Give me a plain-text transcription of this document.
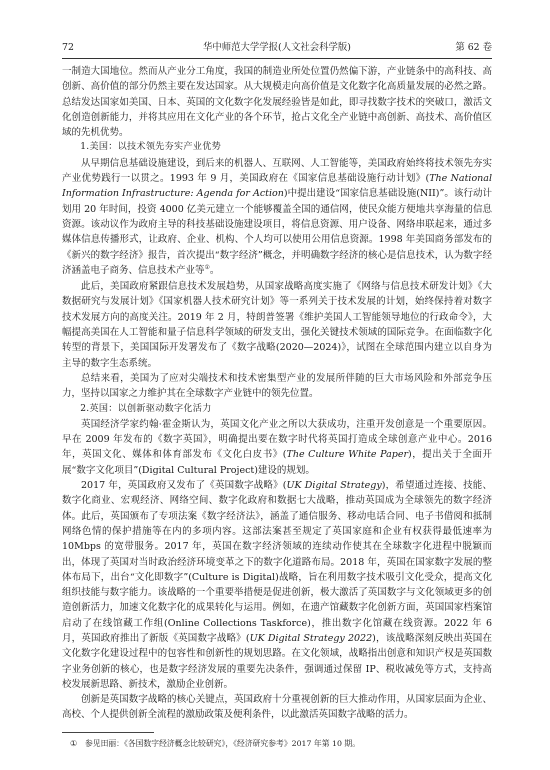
72	华中师范大学学报(人文社会科学版)	第 62 卷

一制造大国地位。然而从产业分工角度，我国的制造业所处位置仍然偏下游，产业链条中的高科技、高创新、高价值的部分仍然主要在发达国家。从大规模走向高价值是文化数字化高质量发展的必然之路。总结发达国家如美国、日本、英国的文化数字化发展经验皆是如此，即寻找数字技术的突破口，激活文化创造创新能力，并将其应用在文化产业的各个环节，抢占文化全产业链中高创新、高技术、高价值区域的先机优势。

1.美国：以技术领先夯实产业优势

从早期信息基础设施建设，到后来的机器人、互联网、人工智能等，美国政府始终将技术领先夯实产业优势践行一以贯之。1993 年 9 月，美国政府在《国家信息基础设施行动计划》(The National Information Infrastructure: Agenda for Action)中提出建设“国家信息基础设施(NII)”。该行动计划用 20 年时间，投资 4000 亿美元建立一个能够覆盖全国的通信网，使民众能方便地共享海量的信息资源。该动议作为政府主导的科技基础设施建设项目，将信息资源、用户设备、网络串联起来，通过多媒体信息传播形式，让政府、企业、机构、个人均可以使用公用信息资源。1998 年美国商务部发布的《新兴的数字经济》报告，首次提出“数字经济”概念，并明确数字经济的核心是信息技术，认为数字经济涵盖电子商务、信息技术产业等①。

此后，美国政府紧跟信息技术发展趋势，从国家战略高度实施了《网络与信息技术研发计划》《大数据研究与发展计划》《国家机器人技术研究计划》等一系列关于技术发展的计划，始终保持着对数字技术发展方向的高度关注。2019 年 2 月，特朗普签署《维护美国人工智能领导地位的行政命令》，大幅提高美国在人工智能和量子信息科学领域的研发支出，强化关键技术领域的国际竞争。在面临数字化转型的背景下，美国国际开发署发布了《数字战略(2020—2024)》，试图在全球范围内建立以自身为主导的数字生态系统。

总结来看，美国为了应对尖端技术和技术密集型产业的发展所伴随的巨大市场风险和外部竞争压力，坚持以国家之力维护其在全球数字产业链中的领先位置。

2.英国：以创新驱动数字化活力

英国经济学家约翰·霍金斯认为，英国文化产业之所以大获成功，注重开发创意是一个重要原因。早在 2009 年发布的《数字英国》，明确提出要在数字时代将英国打造成全球创意产业中心。2016 年，英国文化、媒体和体育部发布《文化白皮书》(The Culture White Paper)，提出关于全面开展“数字文化项目”(Digital Cultural Project)建设的规划。

2017 年，英国政府又发布了《英国数字战略》(UK Digital Strategy)，希望通过连接、技能、数字化商业、宏观经济、网络空间、数字化政府和数据七大战略，推动英国成为全球领先的数字经济体。此后，英国颁布了专项法案《数字经济法》，涵盖了通信服务、移动电话合同、电子书借阅和抵制网络色情的保护措施等在内的多项内容。这部法案甚至规定了英国家庭和企业有权获得最低速率为 10Mbps 的宽带服务。2017 年，英国在数字经济领域的连续动作使其在全球数字化进程中脱颖而出，体现了英国对当时政治经济环境变革之下的数字化道路布局。2018 年，英国在国家数字发展的整体布局下，出台“文化即数字”(Culture is Digital)战略，旨在利用数字技术吸引文化受众，提高文化组织技能与数字能力。该战略的一个重要举措便是促进创新，极大激活了英国数字与文化领域更多的创造创新活力，加速文化数字化的成果转化与运用。例如，在遗产馆藏数字化创新方面，英国国家档案馆启动了在线馆藏工作组(Online Collections Taskforce)，推出数字化馆藏在线资源。2022 年 6 月，英国政府推出了新版《英国数字战略》(UK Digital Strategy 2022)，该战略深刻反映出英国在文化数字化建设过程中的包容性和创新性的规划思路。在文化领域，战略指出创意和知识产权是英国数字业务创新的核心，也是数字经济发展的重要先决条件，强调通过保留 IP、税收减免等方式，支持高校发展新思路、新技术，激励企业创新。

创新是英国数字战略的核心关键点，英国政府十分重视创新的巨大推动作用，从国家层面为企业、高校、个人提供创新全流程的激励政策及便利条件，以此激活英国数字战略的活力。

① 参见田丽：《各国数字经济概念比较研究》，《经济研究参考》2017 年第 10 期。
